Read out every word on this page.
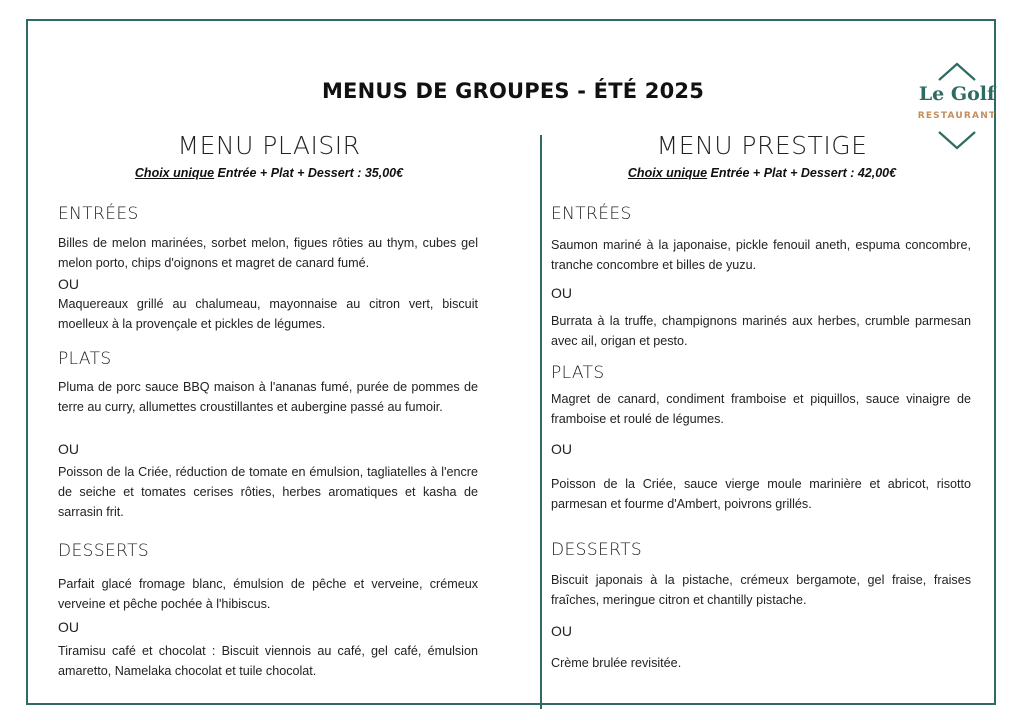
MENUS DE GROUPES - ÉTÉ 2025	Le Golf
RESTAURANT
MENU PLAISIR
Choix unique Entrée + Plat + Dessert : 35,00€
ENTRÉES

Billes de melon marinées, sorbet melon, figues rôties au thym, cubes gel melon porto, chips d'oignons et magret de canard fumé.

OU

Maquereaux grillé au chalumeau, mayonnaise au citron vert, biscuit moelleux à la provençale et pickles de légumes.

PLATS

Pluma de porc sauce BBQ maison à l'ananas fumé, purée de pommes de terre au curry, allumettes croustillantes et aubergine passé au fumoir.

OU

Poisson de la Criée, réduction de tomate en émulsion, tagliatelles à l'encre de seiche et tomates cerises rôties, herbes aromatiques et kasha de sarrasin frit.

DESSERTS

Parfait glacé fromage blanc, émulsion de pêche et verveine, crémeux verveine et pêche pochée à l'hibiscus.

OU

Tiramisu café et chocolat : Biscuit viennois au café, gel café, émulsion amaretto, Namelaka chocolat et tuile chocolat.

MENU PRESTIGE
Choix unique Entrée + Plat + Dessert : 42,00€
ENTRÉES

Saumon mariné à la japonaise, pickle fenouil aneth, espuma concombre, tranche concombre et billes de yuzu.

OU

Burrata à la truffe, champignons marinés aux herbes, crumble parmesan avec ail, origan et pesto.

PLATS

Magret de canard, condiment framboise et piquillos, sauce vinaigre de framboise et roulé de légumes.

OU

Poisson de la Criée, sauce vierge moule marinière et abricot, risotto parmesan et fourme d'Ambert, poivrons grillés.

DESSERTS

Biscuit japonais à la pistache, crémeux bergamote, gel fraise, fraises fraîches, meringue citron et chantilly pistache.

OU

Crème brulée revisitée.
